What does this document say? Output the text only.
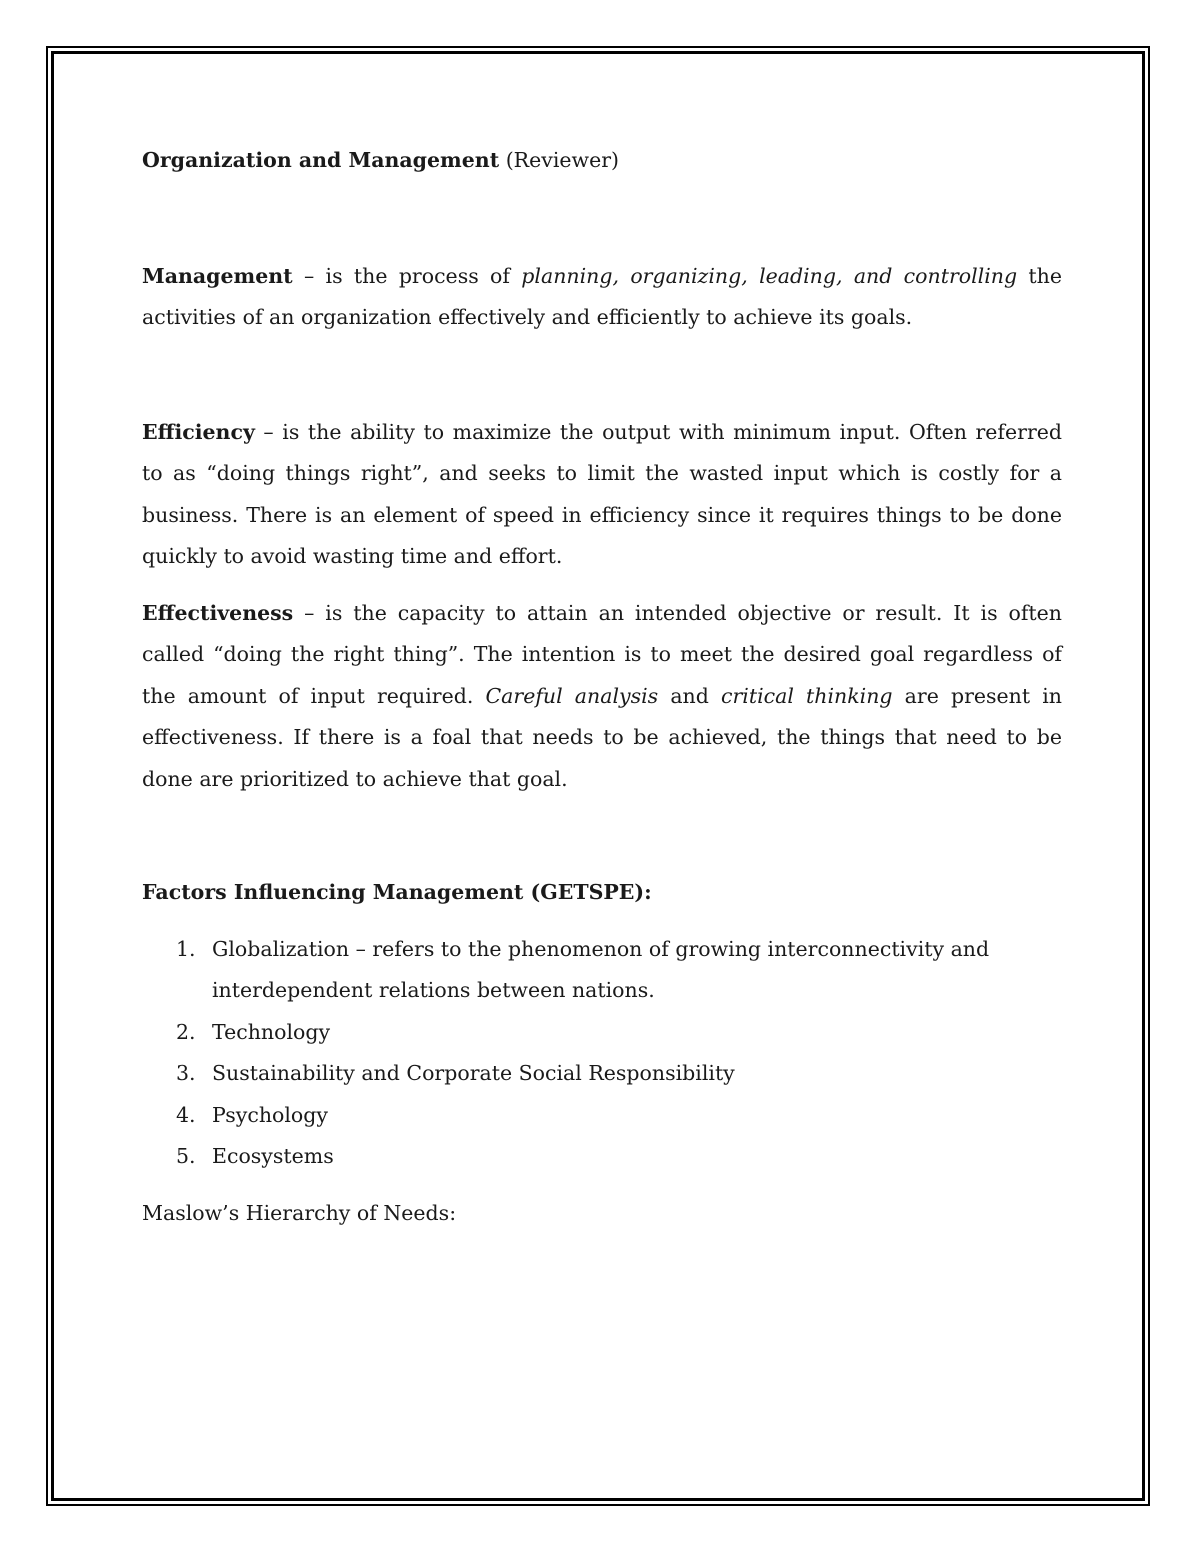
Organization and Management (Reviewer)

Management – is the process of planning, organizing, leading, and controlling the activities of an organization effectively and efficiently to achieve its goals.

Efficiency – is the ability to maximize the output with minimum input. Often referred to as “doing things right”, and seeks to limit the wasted input which is costly for a business. There is an element of speed in efficiency since it requires things to be done quickly to avoid wasting time and effort.

Effectiveness – is the capacity to attain an intended objective or result. It is often called “doing the right thing”. The intention is to meet the desired goal regardless of the amount of input required. Careful analysis and critical thinking are present in effectiveness. If there is a foal that needs to be achieved, the things that need to be done are prioritized to achieve that goal.

Factors Influencing Management (GETSPE):

1. Globalization – refers to the phenomenon of growing interconnectivity and interdependent relations between nations.
2. Technology
3. Sustainability and Corporate Social Responsibility
4. Psychology
5. Ecosystems

Maslow’s Hierarchy of Needs:
